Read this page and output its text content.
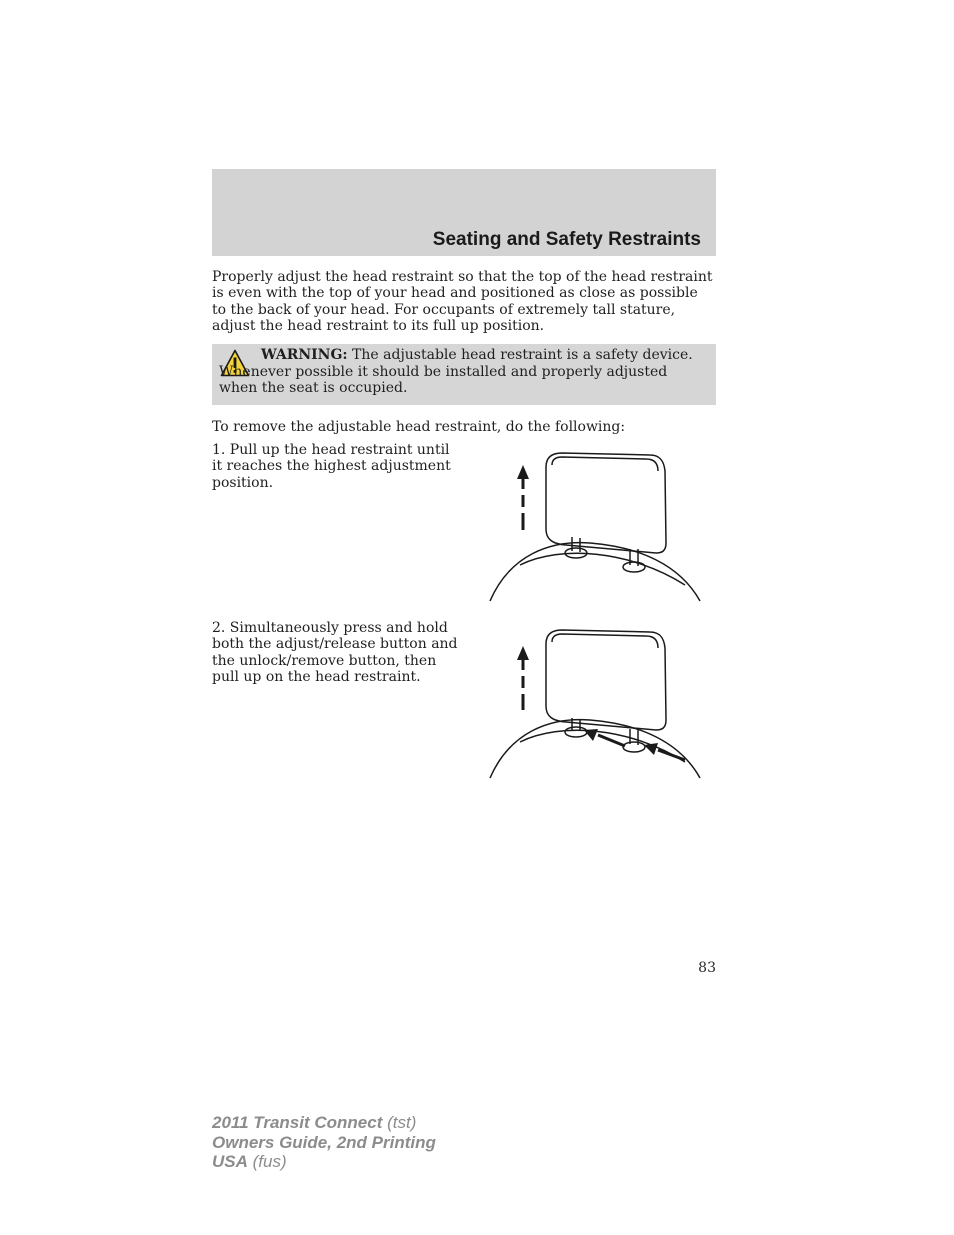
Seating and Safety Restraints
Properly adjust the head restraint so that the top of the head restraint is even with the top of your head and positioned as close as possible to the back of your head. For occupants of extremely tall stature, adjust the head restraint to its full up position.
WARNING: The adjustable head restraint is a safety device. Whenever possible it should be installed and properly adjusted when the seat is occupied.
To remove the adjustable head restraint, do the following:
1. Pull up the head restraint until it reaches the highest adjustment position.
2. Simultaneously press and hold both the adjust/release button and the unlock/remove button, then pull up on the head restraint.
83
2011 Transit Connect (tst)
Owners Guide, 2nd Printing
USA (fus)
